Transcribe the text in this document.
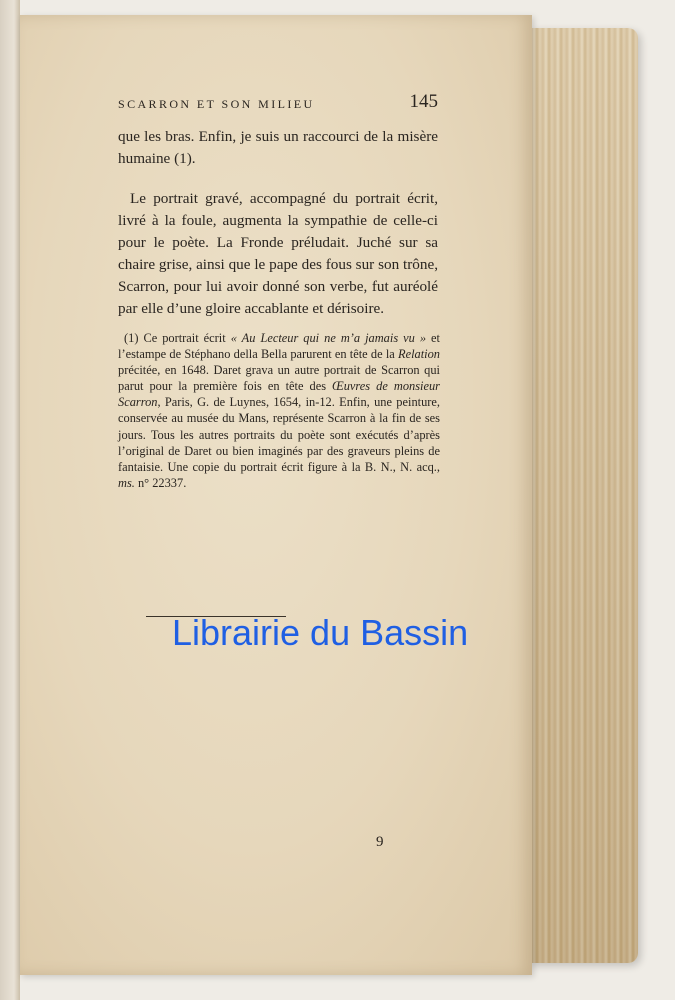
SCARRON ET SON MILIEU	145

que les bras. Enfin, je suis un raccourci de la misère humaine (1).

Le portrait gravé, accompagné du portrait écrit, livré à la foule, augmenta la sympathie de celle-ci pour le poète. La Fronde préludait. Juché sur sa chaire grise, ainsi que le pape des fous sur son trône, Scarron, pour lui avoir donné son verbe, fut auréolé par elle d’une gloire accablante et dérisoire.

(1) Ce portrait écrit « Au Lecteur qui ne m’a jamais vu » et l’estampe de Stéphano della Bella parurent en tête de la Relation précitée, en 1648. Daret grava un autre portrait de Scarron qui parut pour la première fois en tête des Œuvres de monsieur Scarron, Paris, G. de Luynes, 1654, in-12. Enfin, une peinture, conservée au musée du Mans, représente Scarron à la fin de ses jours. Tous les autres portraits du poète sont exécutés d’après l’original de Daret ou bien imaginés par des graveurs pleins de fantaisie. Une copie du portrait écrit figure à la B. N., N. acq., ms. n° 22337.
Librairie du Bassin
9
